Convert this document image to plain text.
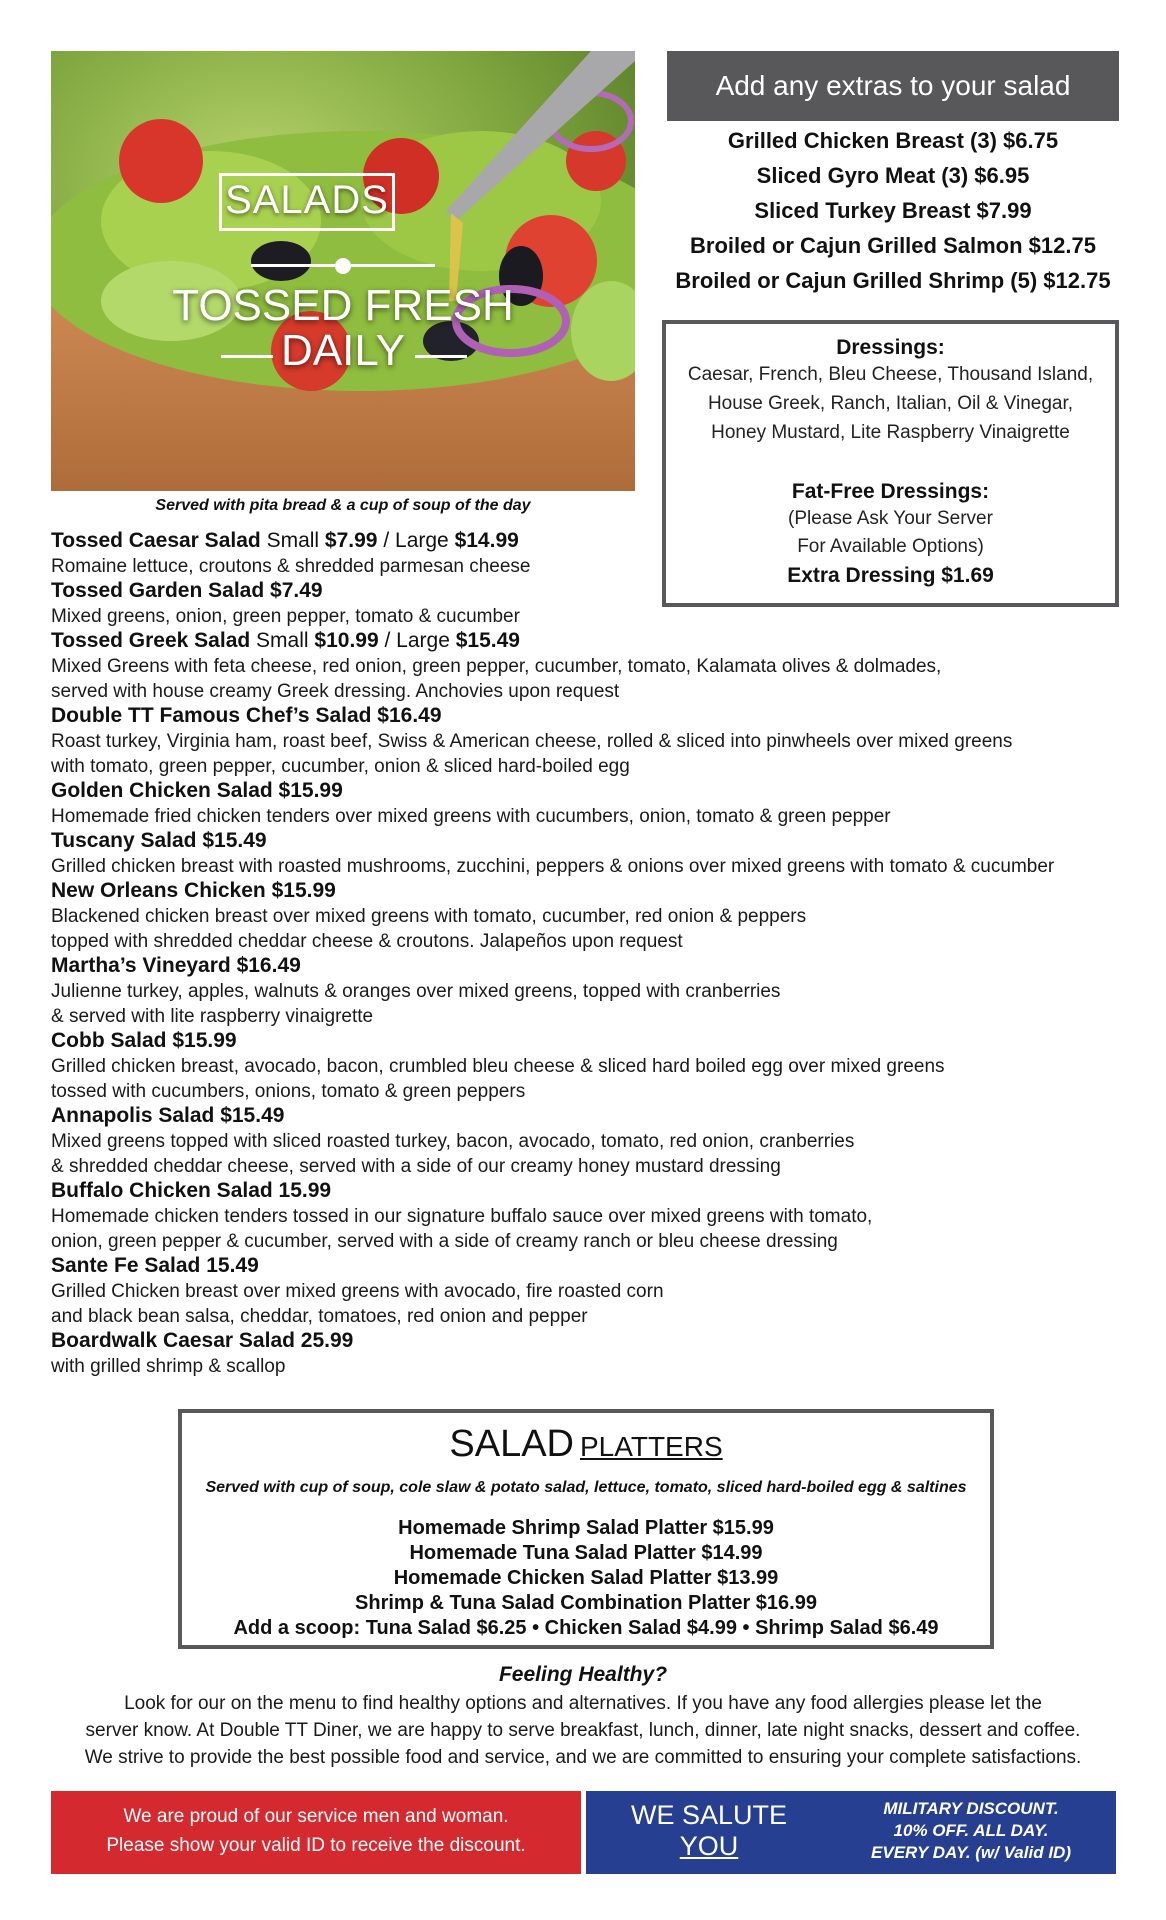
SALADS
TOSSED FRESH
DAILY
Add any extras to your salad
Grilled Chicken Breast (3) $6.75
Sliced Gyro Meat (3) $6.95
Sliced Turkey Breast $7.99
Broiled or Cajun Grilled Salmon $12.75
Broiled or Cajun Grilled Shrimp (5) $12.75
Dressings:
Caesar, French, Bleu Cheese, Thousand Island,
House Greek, Ranch, Italian, Oil & Vinegar,
Honey Mustard, Lite Raspberry Vinaigrette
Fat-Free Dressings:
(Please Ask Your Server
For Available Options)
Extra Dressing $1.69
Served with pita bread & a cup of soup of the day
Tossed Caesar Salad Small $7.99 / Large $14.99
Romaine lettuce, croutons & shredded parmesan cheese
Tossed Garden Salad $7.49
Mixed greens, onion, green pepper, tomato & cucumber
Tossed Greek Salad Small $10.99 / Large $15.49
Mixed Greens with feta cheese, red onion, green pepper, cucumber, tomato, Kalamata olives & dolmades,
served with house creamy Greek dressing. Anchovies upon request
Double TT Famous Chef’s Salad $16.49
Roast turkey, Virginia ham, roast beef, Swiss & American cheese, rolled & sliced into pinwheels over mixed greens
with tomato, green pepper, cucumber, onion & sliced hard-boiled egg
Golden Chicken Salad $15.99
Homemade fried chicken tenders over mixed greens with cucumbers, onion, tomato & green pepper
Tuscany Salad $15.49
Grilled chicken breast with roasted mushrooms, zucchini, peppers & onions over mixed greens with tomato & cucumber
New Orleans Chicken $15.99
Blackened chicken breast over mixed greens with tomato, cucumber, red onion & peppers
topped with shredded cheddar cheese & croutons. Jalapeños upon request
Martha’s Vineyard $16.49
Julienne turkey, apples, walnuts & oranges over mixed greens, topped with cranberries
& served with lite raspberry vinaigrette
Cobb Salad $15.99
Grilled chicken breast, avocado, bacon, crumbled bleu cheese & sliced hard boiled egg over mixed greens
tossed with cucumbers, onions, tomato & green peppers
Annapolis Salad $15.49
Mixed greens topped with sliced roasted turkey, bacon, avocado, tomato, red onion, cranberries
& shredded cheddar cheese, served with a side of our creamy honey mustard dressing
Buffalo Chicken Salad 15.99
Homemade chicken tenders tossed in our signature buffalo sauce over mixed greens with tomato,
onion, green pepper & cucumber, served with a side of creamy ranch or bleu cheese dressing
Sante Fe Salad 15.49
Grilled Chicken breast over mixed greens with avocado, fire roasted corn
and black bean salsa, cheddar, tomatoes, red onion and pepper
Boardwalk Caesar Salad 25.99
with grilled shrimp & scallop
SALAD PLATTERS
Served with cup of soup, cole slaw & potato salad, lettuce, tomato, sliced hard-boiled egg & saltines
Homemade Shrimp Salad Platter $15.99
Homemade Tuna Salad Platter $14.99
Homemade Chicken Salad Platter $13.99
Shrimp & Tuna Salad Combination Platter $16.99
Add a scoop: Tuna Salad $6.25 • Chicken Salad $4.99 • Shrimp Salad $6.49
Feeling Healthy?
Look for our on the menu to find healthy options and alternatives. If you have any food allergies please let the
server know. At Double TT Diner, we are happy to serve breakfast, lunch, dinner, late night snacks, dessert and coffee.
We strive to provide the best possible food and service, and we are committed to ensuring your complete satisfactions.
We are proud of our service men and woman.
Please show your valid ID to receive the discount.
WE SALUTE
YOU
MILITARY DISCOUNT.
10% OFF. ALL DAY.
EVERY DAY. (w/ Valid ID)
